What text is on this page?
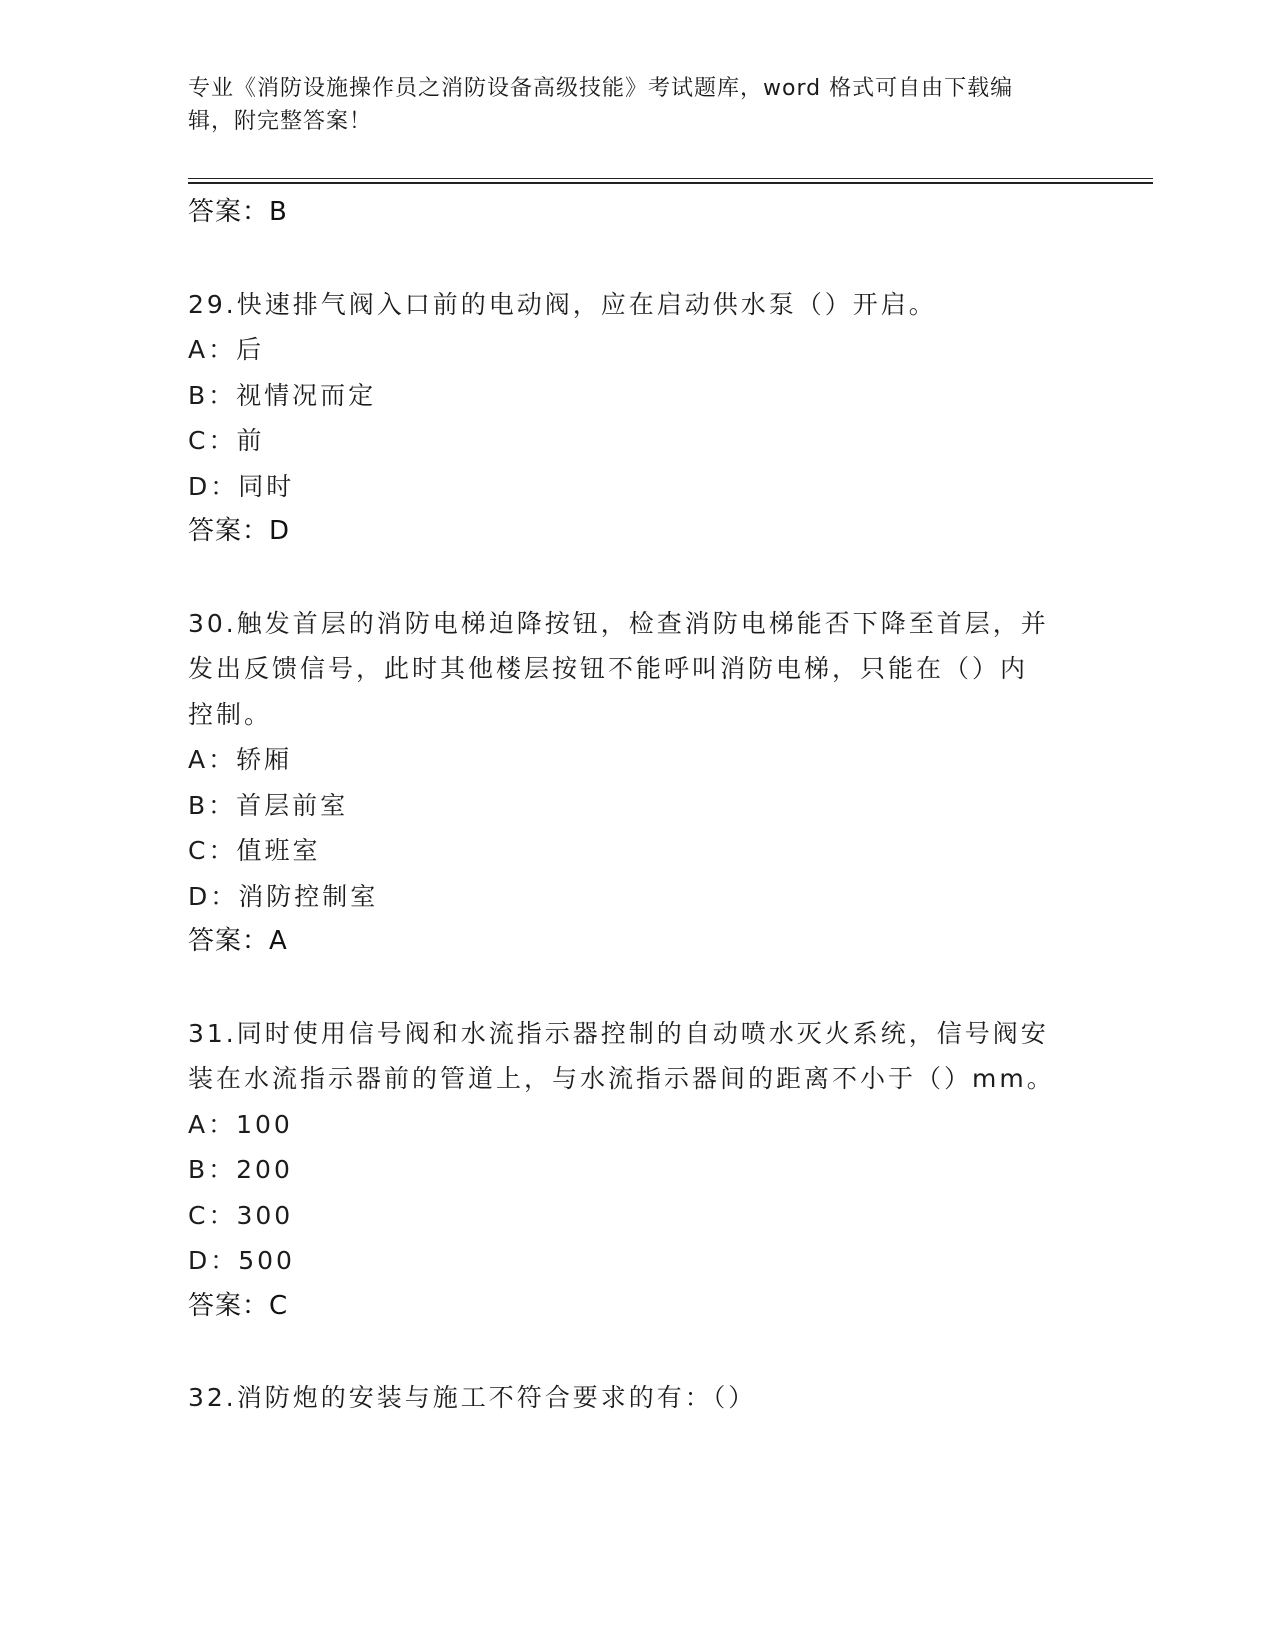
专业《消防设施操作员之消防设备高级技能》考试题库，word 格式可自由下载编
辑，附完整答案！
答案：B
29.快速排气阀入口前的电动阀，应在启动供水泵（）开启。
A：后
B：视情况而定
C：前
D：同时
答案：D
30.触发首层的消防电梯迫降按钮，检查消防电梯能否下降至首层，并
发出反馈信号，此时其他楼层按钮不能呼叫消防电梯，只能在（）内
控制。
A：轿厢
B：首层前室
C：值班室
D：消防控制室
答案：A
31.同时使用信号阀和水流指示器控制的自动喷水灭火系统，信号阀安
装在水流指示器前的管道上，与水流指示器间的距离不小于（）mm。
A：100
B：200
C：300
D：500
答案：C
32.消防炮的安装与施工不符合要求的有：（）
